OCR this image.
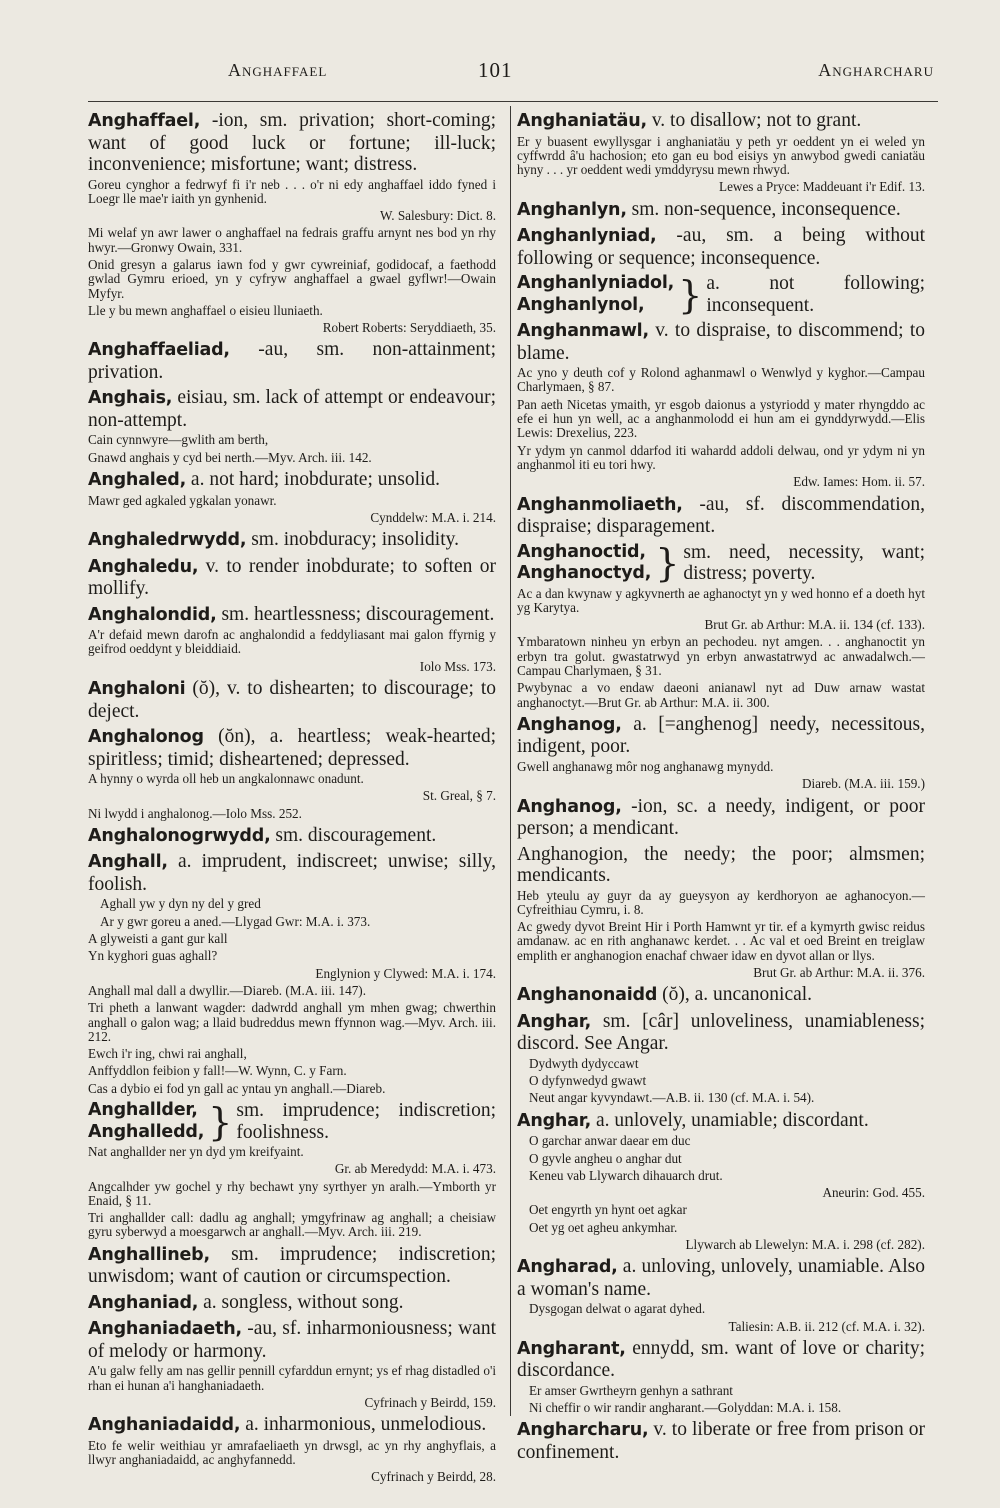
Anghaffael	101	Angharcharu

Anghaffael, -ion, sm. privation; short-coming; want of good luck or fortune; ill-luck; inconvenience; misfortune; want; distress.

Goreu cynghor a fedrwyf fi i'r neb . . . o'r ni edy anghaffael iddo fyned i Loegr lle mae'r iaith yn gynhenid.

W. Salesbury: Dict. 8.

Mi welaf yn awr lawer o anghaffael na fedrais graffu arnynt nes bod yn rhy hwyr.—Gronwy Owain, 331.

Onid gresyn a galarus iawn fod y gwr cywreiniaf, godidocaf, a faethodd gwlad Gymru erioed, yn y cyfryw anghaffael a gwael gyflwr!—Owain Myfyr.

Lle y bu mewn anghaffael o eisieu lluniaeth.

Robert Roberts: Seryddiaeth, 35.

Anghaffaeliad, -au, sm. non-attainment; privation.

Anghais, eisiau, sm. lack of attempt or endeavour; non-attempt.

Cain cynnwyre—gwlith am berth,

Gnawd anghais y cyd bei nerth.—Myv. Arch. iii. 142.

Anghaled, a. not hard; inobdurate; unsolid.

Mawr ged agkaled ygkalan yonawr.

Cynddelw: M.A. i. 214.

Anghaledrwydd, sm. inobduracy; insolidity.

Anghaledu, v. to render inobdurate; to soften or mollify.

Anghalondid, sm. heartlessness; discouragement.

A'r defaid mewn darofn ac anghalondid a feddyliasant mai galon ffyrnig y geifrod oeddynt y bleiddiaid.

Iolo Mss. 173.

Anghaloni (ŏ), v. to dishearten; to discourage; to deject.

Anghalonog (ŏn), a. heartless; weak-hearted; spiritless; timid; disheartened; depressed.

A hynny o wyrda oll heb un angkalonnawc onadunt.

St. Greal, § 7.

Ni lwydd i anghalonog.—Iolo Mss. 252.

Anghalonogrwydd, sm. discouragement.

Anghall, a. imprudent, indiscreet; unwise; silly, foolish.

Aghall yw y dyn ny del y gred

Ar y gwr goreu a aned.—Llygad Gwr: M.A. i. 373.

A glyweisti a gant gur kall

Yn kyghori guas aghall?

Englynion y Clywed: M.A. i. 174.

Anghall mal dall a dwyllir.—Diareb. (M.A. iii. 147).

Tri pheth a lanwant wagder: dadwrdd anghall ym mhen gwag; chwerthin anghall o galon wag; a llaid budreddus mewn ffynnon wag.—Myv. Arch. iii. 212.

Ewch i'r ing, chwi rai anghall,

Anffyddlon feibion y fall!—W. Wynn, C. y Farn.

Cas a dybio ei fod yn gall ac yntau yn anghall.—Diareb.

Anghallder,
Anghalledd, } sm. imprudence; indiscretion; foolishness.

Nat anghallder ner yn dyd ym kreifyaint.

Gr. ab Meredydd: M.A. i. 473.

Angcalhder yw gochel y rhy bechawt yny syrthyer yn aralh.—Ymborth yr Enaid, § 11.

Tri anghallder call: dadlu ag anghall; ymgyfrinaw ag anghall; a cheisiaw gyru syberwyd a moesgarwch ar anghall.—Myv. Arch. iii. 219.

Anghallineb, sm. imprudence; indiscretion; unwisdom; want of caution or circumspection.

Anghaniad, a. songless, without song.

Anghaniadaeth, -au, sf. inharmoniousness; want of melody or harmony.

A'u galw felly am nas gellir pennill cyfarddun ernynt; ys ef rhag distadled o'i rhan ei hunan a'i hanghaniadaeth.

Cyfrinach y Beirdd, 159.

Anghaniadaidd, a. inharmonious, unmelodious.

Eto fe welir weithiau yr amrafaeliaeth yn drwsgl, ac yn rhy anghyflais, a llwyr anghaniadaidd, ac anghyfannedd.

Cyfrinach y Beirdd, 28.

Anghaniatäu, v. to disallow; not to grant.

Er y buasent ewyllysgar i anghaniatäu y peth yr oeddent yn ei weled yn cyffwrdd â'u hachosion; eto gan eu bod eisiys yn anwybod gwedi caniatäu hyny . . . yr oeddent wedi ymddyrysu mewn rhwyd.

Lewes a Pryce: Maddeuant i'r Edif. 13.

Anghanlyn, sm. non-sequence, inconsequence.

Anghanlyniad, -au, sm. a being without following or sequence; inconsequence.

Anghanlyniadol,
Anghanlynol, } a. not following; inconsequent.

Anghanmawl, v. to dispraise, to discommend; to blame.

Ac yno y deuth cof y Rolond aghanmawl o Wenwlyd y kyghor.—Campau Charlymaen, § 87.

Pan aeth Nicetas ymaith, yr esgob daionus a ystyriodd y mater rhyngddo ac efe ei hun yn well, ac a anghanmolodd ei hun am ei gynddyrwydd.—Elis Lewis: Drexelius, 223.

Yr ydym yn canmol ddarfod iti wahardd addoli delwau, ond yr ydym ni yn anghanmol iti eu tori hwy.

Edw. Iames: Hom. ii. 57.

Anghanmoliaeth, -au, sf. discommendation, dispraise; disparagement.

Anghanoctid,
Anghanoctyd, } sm. need, necessity, want; distress; poverty.

Ac a dan kwynaw y agkyvnerth ae aghanoctyt yn y wed honno ef a doeth hyt yg Karytya.

Brut Gr. ab Arthur: M.A. ii. 134 (cf. 133).

Ymbaratown ninheu yn erbyn an pechodeu. nyt amgen. . . anghanoctit yn erbyn tra golut. gwastatrwyd yn erbyn anwastatrwyd ac anwadalwch.—Campau Charlymaen, § 31.

Pwybynac a vo endaw daeoni anianawl nyt ad Duw arnaw wastat anghanoctyt.—Brut Gr. ab Arthur: M.A. ii. 300.

Anghanog, a. [=anghenog] needy, necessitous, indigent, poor.

Gwell anghanawg môr nog anghanawg mynydd.

Diareb. (M.A. iii. 159.)

Anghanog, -ion, sc. a needy, indigent, or poor person; a mendicant.

Anghanogion, the needy; the poor; almsmen; mendicants.

Heb yteulu ay guyr da ay gueysyon ay kerdhoryon ae aghanocyon.—Cyfreithiau Cymru, i. 8.

Ac gwedy dyvot Breint Hir i Porth Hamwnt yr tir. ef a kymyrth gwisc reidus amdanaw. ac en rith anghanawc kerdet. . . Ac val et oed Breint en treiglaw emplith er anghanogion enachaf chwaer idaw en dyvot allan or llys.

Brut Gr. ab Arthur: M.A. ii. 376.

Anghanonaidd (ŏ), a. uncanonical.

Anghar, sm. [câr] unloveliness, unamiableness; discord. See Angar.

Dydwyth dydyccawt

O dyfynwedyd gwawt

Neut angar kyvyndawt.—A.B. ii. 130 (cf. M.A. i. 54).

Anghar, a. unlovely, unamiable; discordant.

O garchar anwar daear em duc

O gyvle angheu o anghar dut

Keneu vab Llywarch dihauarch drut.

Aneurin: God. 455.

Oet engyrth yn hynt oet agkar

Oet yg oet agheu ankymhar.

Llywarch ab Llewelyn: M.A. i. 298 (cf. 282).

Angharad, a. unloving, unlovely, unamiable. Also a woman's name.

Dysgogan delwat o agarat dyhed.

Taliesin: A.B. ii. 212 (cf. M.A. i. 32).

Angharant, ennydd, sm. want of love or charity; discordance.

Er amser Gwrtheyrn genhyn a sathrant

Ni cheffir o wir randir angharant.—Golyddan: M.A. i. 158.

Angharcharu, v. to liberate or free from prison or confinement.
